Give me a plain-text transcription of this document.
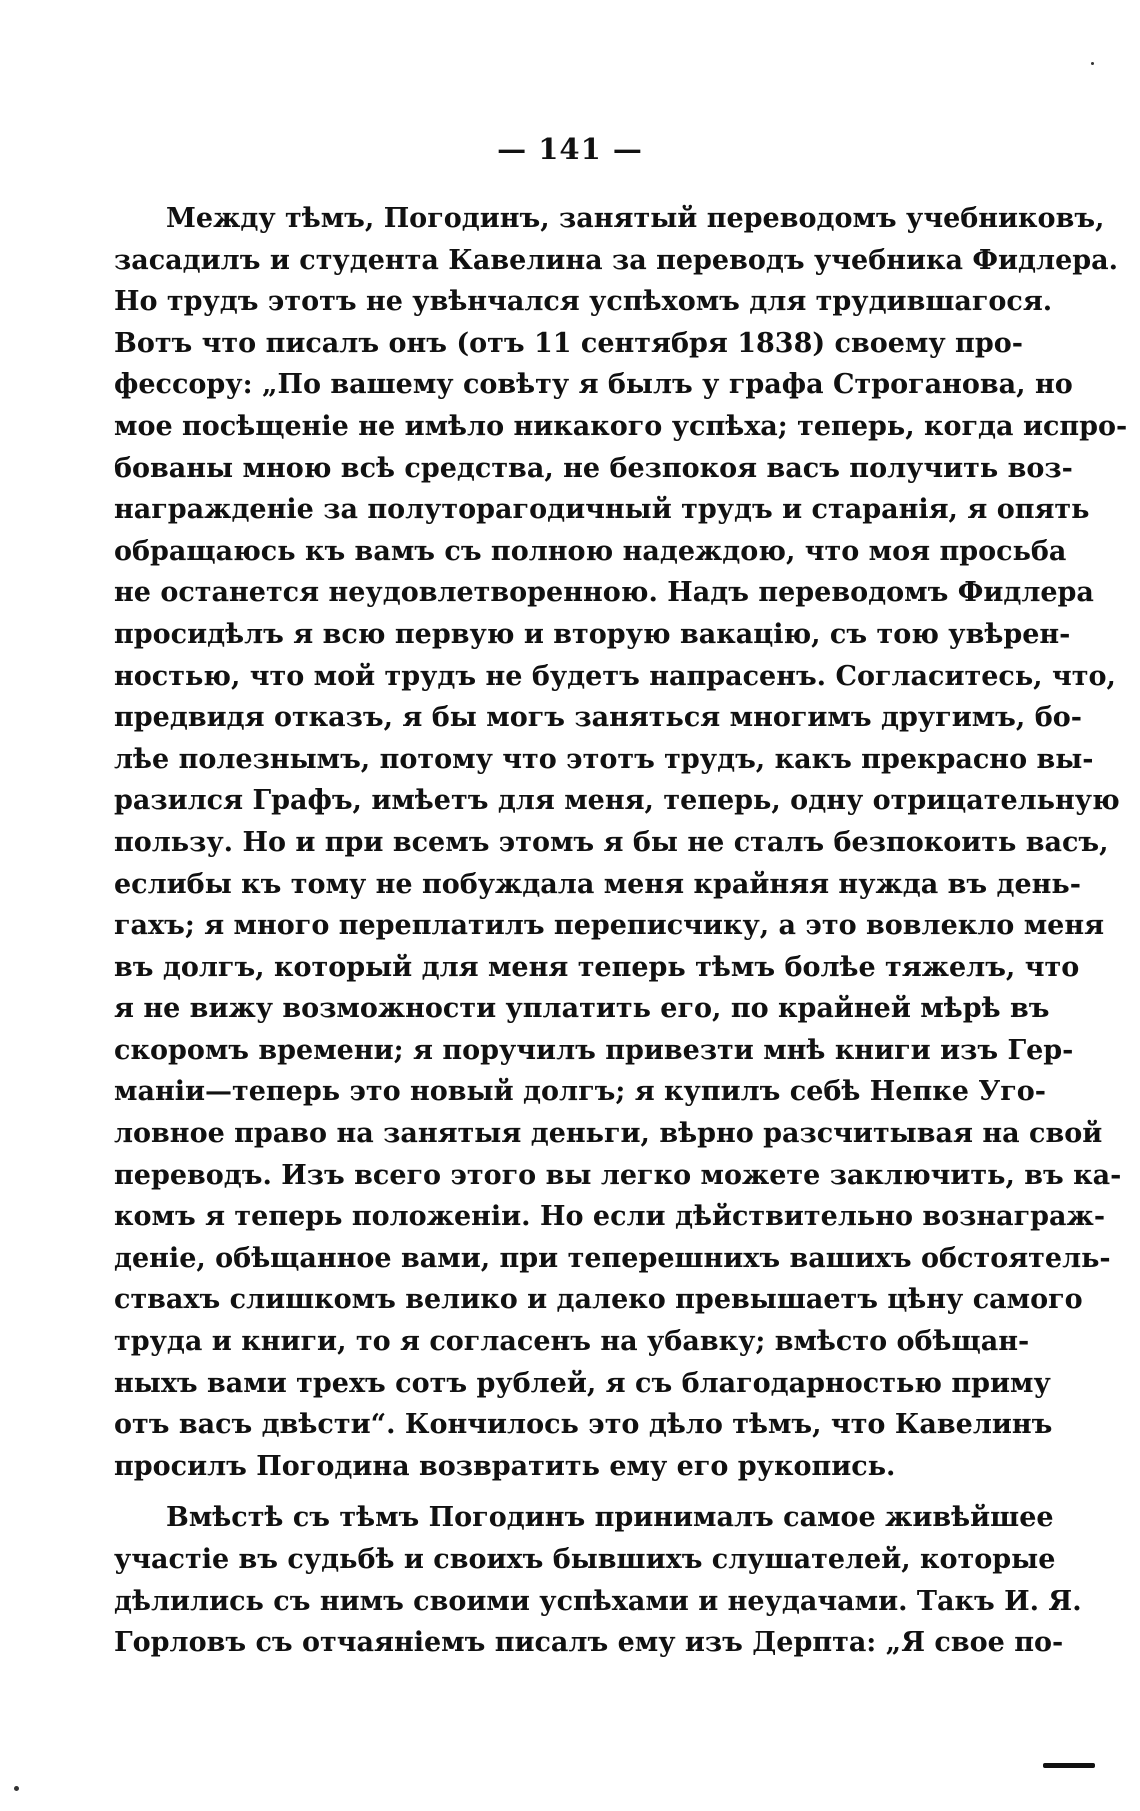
— 141 —
Между тѣмъ, Погодинъ, занятый переводомъ учебниковъ,
засадилъ и студента Кавелина за переводъ учебника Фидлера.
Но трудъ этотъ не увѣнчался успѣхомъ для трудившагося.
Вотъ что писалъ онъ (отъ 11 сентября 1838) своему про-
фессору: „По вашему совѣту я былъ у графа Строганова, но
мое посѣщеніе не имѣло никакого успѣха; теперь, когда испро-
бованы мною всѣ средства, не безпокоя васъ получить воз-
награжденіе за полуторагодичный трудъ и старанія, я опять
обращаюсь къ вамъ съ полною надеждою, что моя просьба
не останется неудовлетворенною. Надъ переводомъ Фидлера
просидѣлъ я всю первую и вторую вакацію, съ тою увѣрен-
ностью, что мой трудъ не будетъ напрасенъ. Согласитесь, что,
предвидя отказъ, я бы могъ заняться многимъ другимъ, бо-
лѣе полезнымъ, потому что этотъ трудъ, какъ прекрасно вы-
разился Графъ, имѣетъ для меня, теперь, одну отрицательную
пользу. Но и при всемъ этомъ я бы не сталъ безпокоить васъ,
еслибы къ тому не побуждала меня крайняя нужда въ день-
гахъ; я много переплатилъ переписчику, а это вовлекло меня
въ долгъ, который для меня теперь тѣмъ болѣе тяжелъ, что
я не вижу возможности уплатить его, по крайней мѣрѣ въ
скоромъ времени; я поручилъ привезти мнѣ книги изъ Гер-
маніи—теперь это новый долгъ; я купилъ себѣ Непке Уго-
ловное право на занятыя деньги, вѣрно разсчитывая на свой
переводъ. Изъ всего этого вы легко можете заключить, въ ка-
комъ я теперь положеніи. Но если дѣйствительно вознаграж-
деніе, обѣщанное вами, при теперешнихъ вашихъ обстоятель-
ствахъ слишкомъ велико и далеко превышаетъ цѣну самого
труда и книги, то я согласенъ на убавку; вмѣсто обѣщан-
ныхъ вами трехъ сотъ рублей, я съ благодарностью приму
отъ васъ двѣсти“. Кончилось это дѣло тѣмъ, что Кавелинъ
просилъ Погодина возвратить ему его рукопись.
Вмѣстѣ съ тѣмъ Погодинъ принималъ самое живѣйшее
участіе въ судьбѣ и своихъ бывшихъ слушателей, которые
дѣлились съ нимъ своими успѣхами и неудачами. Такъ И. Я.
Горловъ съ отчаяніемъ писалъ ему изъ Дерпта: „Я свое по-
